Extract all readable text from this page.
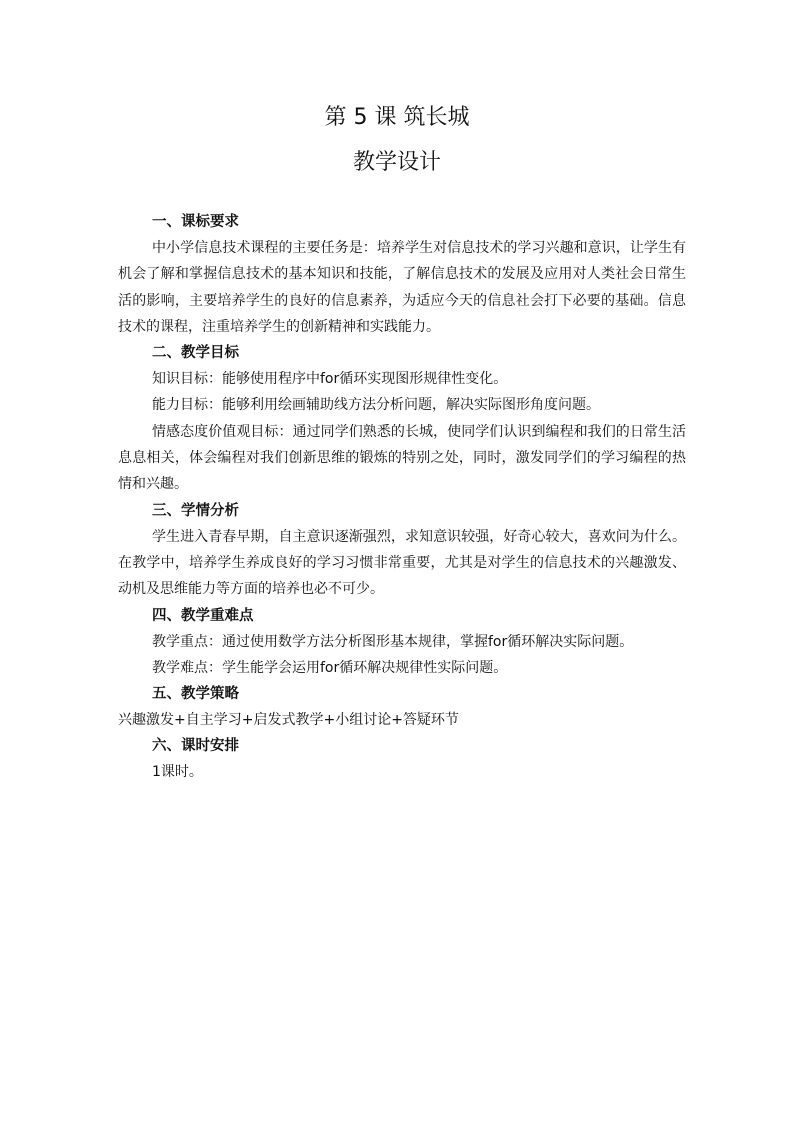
第 5 课 筑长城
教学设计
一、课标要求
中小学信息技术课程的主要任务是：培养学生对信息技术的学习兴趣和意识，让学生有机会了解和掌握信息技术的基本知识和技能，了解信息技术的发展及应用对人类社会日常生活的影响，主要培养学生的良好的信息素养，为适应今天的信息社会打下必要的基础。信息技术的课程，注重培养学生的创新精神和实践能力。
二、教学目标
知识目标：能够使用程序中for循环实现图形规律性变化。
能力目标：能够利用绘画辅助线方法分析问题，解决实际图形角度问题。
情感态度价值观目标：通过同学们熟悉的长城，使同学们认识到编程和我们的日常生活息息相关，体会编程对我们创新思维的锻炼的特别之处，同时，激发同学们的学习编程的热情和兴趣。
三、学情分析
学生进入青春早期，自主意识逐渐强烈，求知意识较强，好奇心较大，喜欢问为什么。在教学中，培养学生养成良好的学习习惯非常重要，尤其是对学生的信息技术的兴趣激发、动机及思维能力等方面的培养也必不可少。
四、教学重难点
教学重点：通过使用数学方法分析图形基本规律，掌握for循环解决实际问题。
教学难点：学生能学会运用for循环解决规律性实际问题。
五、教学策略
兴趣激发+自主学习+启发式教学+小组讨论+答疑环节
六、课时安排
1课时。
